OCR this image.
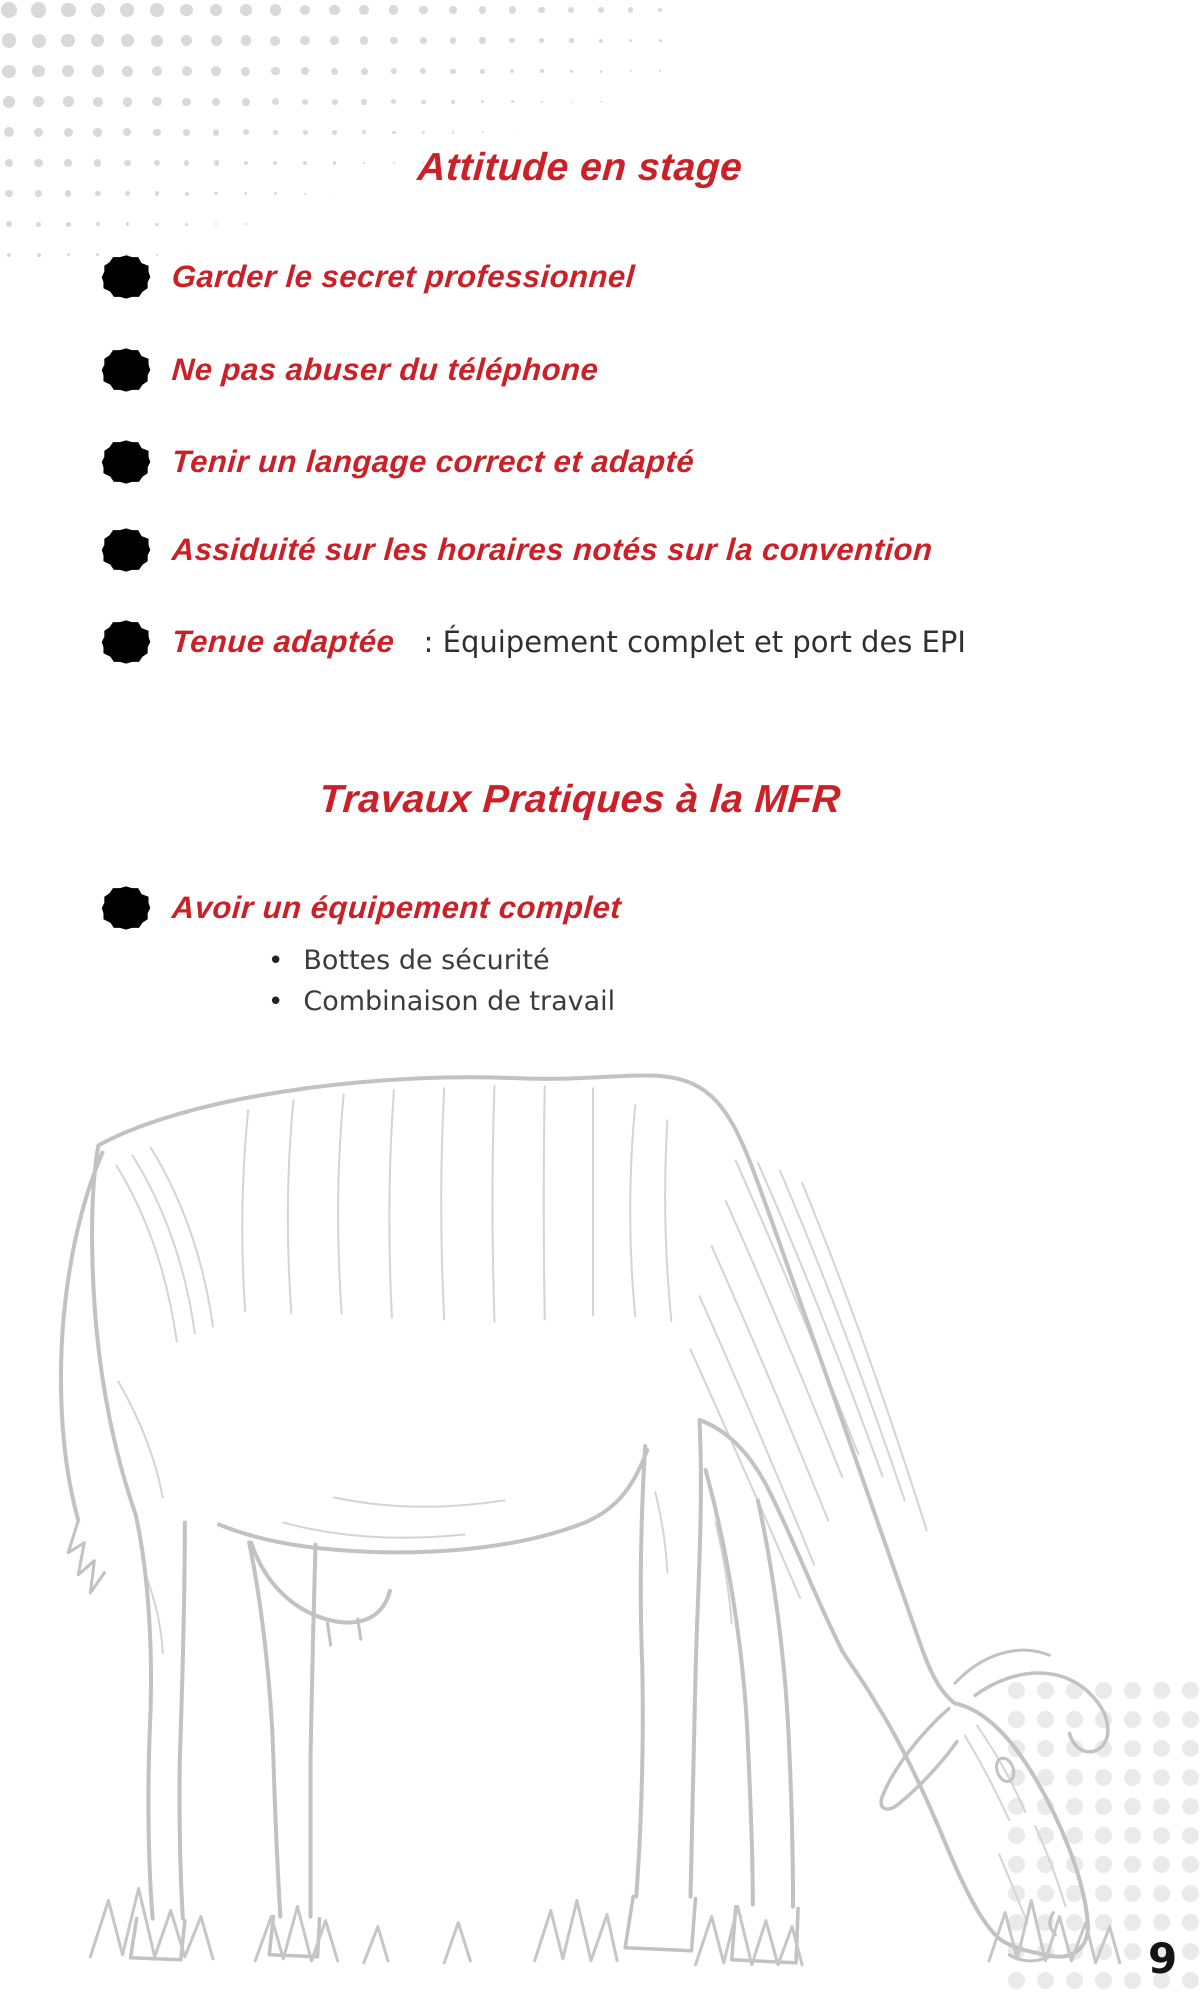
Attitude en stage
Garder le secret professionnel
Ne pas abuser du téléphone
Tenir un langage correct et adapté
Assiduité sur les horaires notés sur la convention
Tenue adaptée : Équipement complet et port des EPI
Travaux Pratiques à la MFR
Avoir un équipement complet
• Bottes de sécurité
• Combinaison de travail
9
